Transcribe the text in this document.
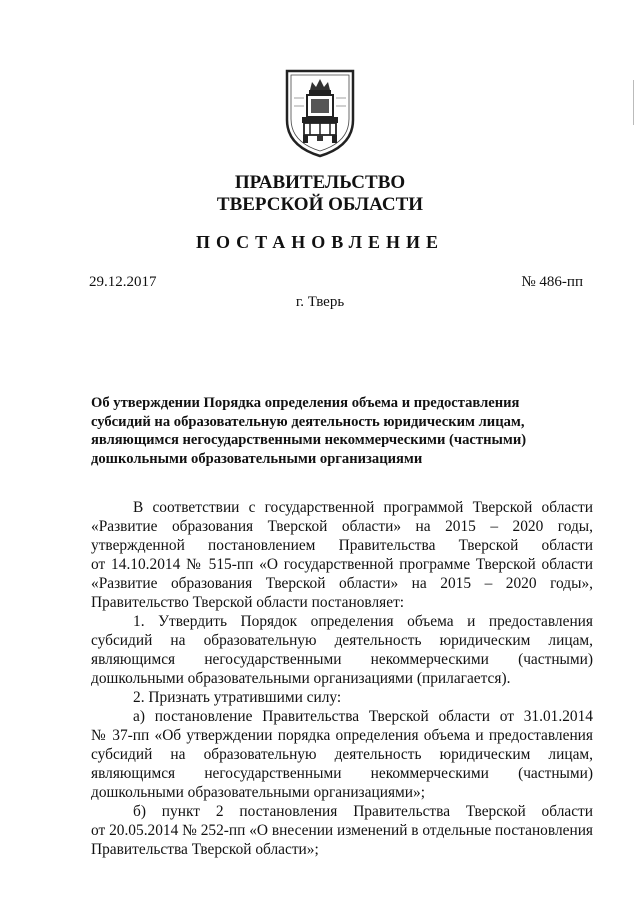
ПРАВИТЕЛЬСТВО
ТВЕРСКОЙ ОБЛАСТИ
ПОСТАНОВЛЕНИЕ
29.12.2017	№ 486-пп
г. Тверь
Об утверждении Порядка определения объема и предоставления
субсидий на образовательную деятельность юридическим лицам,
являющимся негосударственными некоммерческими (частными)
дошкольными образовательными организациями
В соответствии с государственной программой Тверской области
«Развитие образования Тверской области» на 2015 – 2020 годы,
утвержденной постановлением Правительства Тверской области
от 14.10.2014 № 515-пп «О государственной программе Тверской области
«Развитие образования Тверской области» на 2015 – 2020 годы»,
Правительство Тверской области постановляет:
1. Утвердить Порядок определения объема и предоставления
субсидий на образовательную деятельность юридическим лицам,
являющимся негосударственными некоммерческими (частными)
дошкольными образовательными организациями (прилагается).
2. Признать утратившими силу:
а) постановление Правительства Тверской области от 31.01.2014
№ 37-пп «Об утверждении порядка определения объема и предоставления
субсидий на образовательную деятельность юридическим лицам,
являющимся негосударственными некоммерческими (частными)
дошкольными образовательными организациями»;
б) пункт 2 постановления Правительства Тверской области
от 20.05.2014 № 252-пп «О внесении изменений в отдельные постановления
Правительства Тверской области»;
